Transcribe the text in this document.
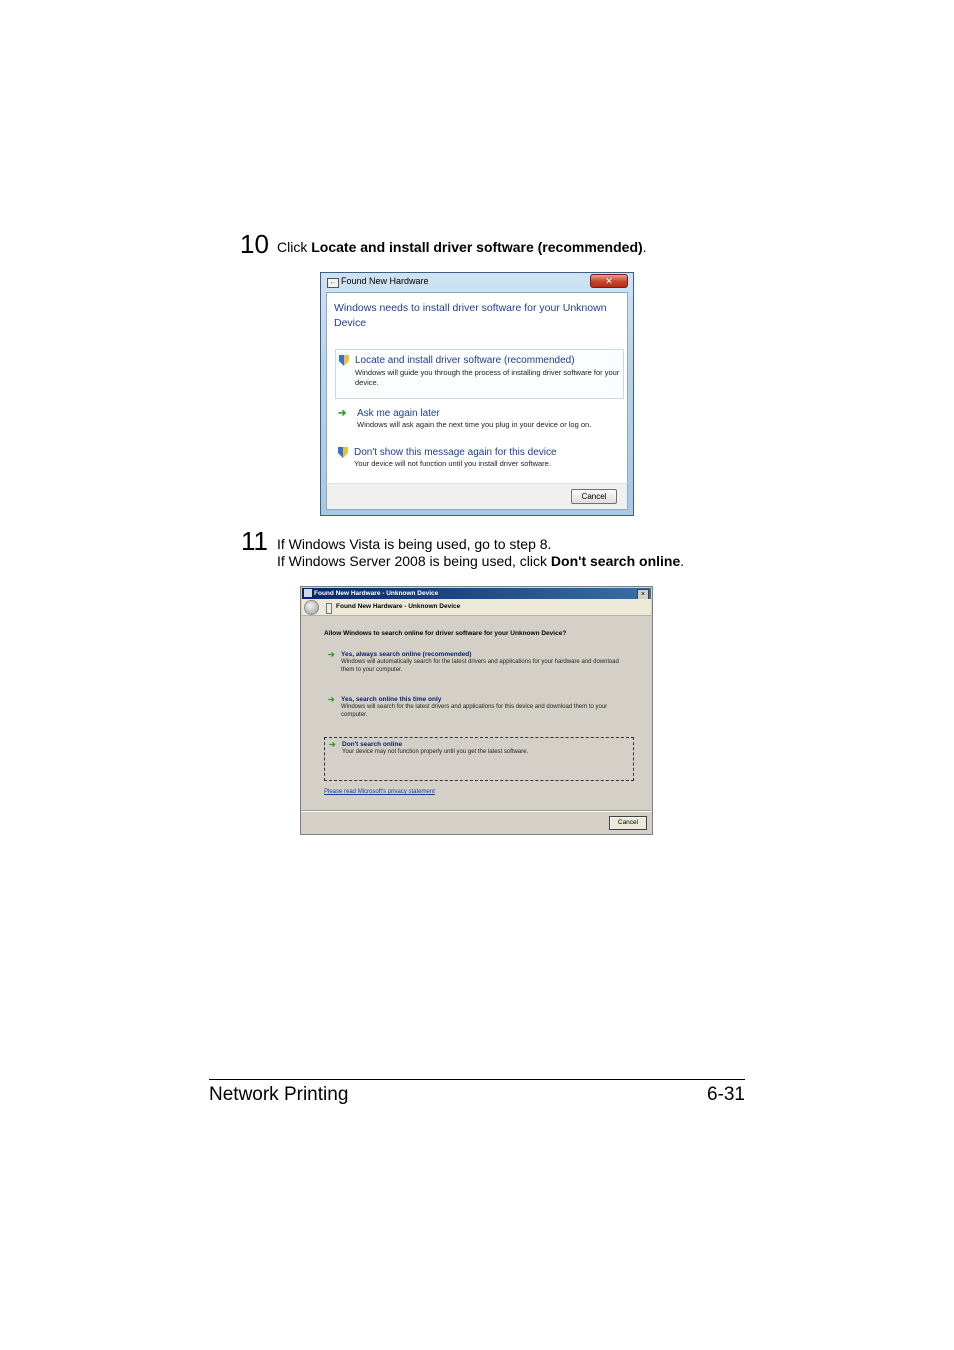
10 Click Locate and install driver software (recommended).
← Found New Hardware	✕
Windows needs to install driver software for your Unknown Device
Locate and install driver software (recommended)
Windows will guide you through the process of installing driver software for your device.
➔ Ask me again later
Windows will ask again the next time you plug in your device or log on.
Don't show this message again for this device
Your device will not function until you install driver software.
Cancel
11 If Windows Vista is being used, go to step 8.
If Windows Server 2008 is being used, click Don't search online.
Found New Hardware - Unknown Device	×
Found New Hardware - Unknown Device
Allow Windows to search online for driver software for your Unknown Device?
➔ Yes, always search online (recommended)
Windows will automatically search for the latest drivers and applications for your hardware and download them to your computer.
➔ Yes, search online this time only
Windows will search for the latest drivers and applications for this device and download them to your computer.
➔ Don't search online
Your device may not function properly until you get the latest software.
Please read Microsoft's privacy statement
Cancel
Network Printing	6-31
